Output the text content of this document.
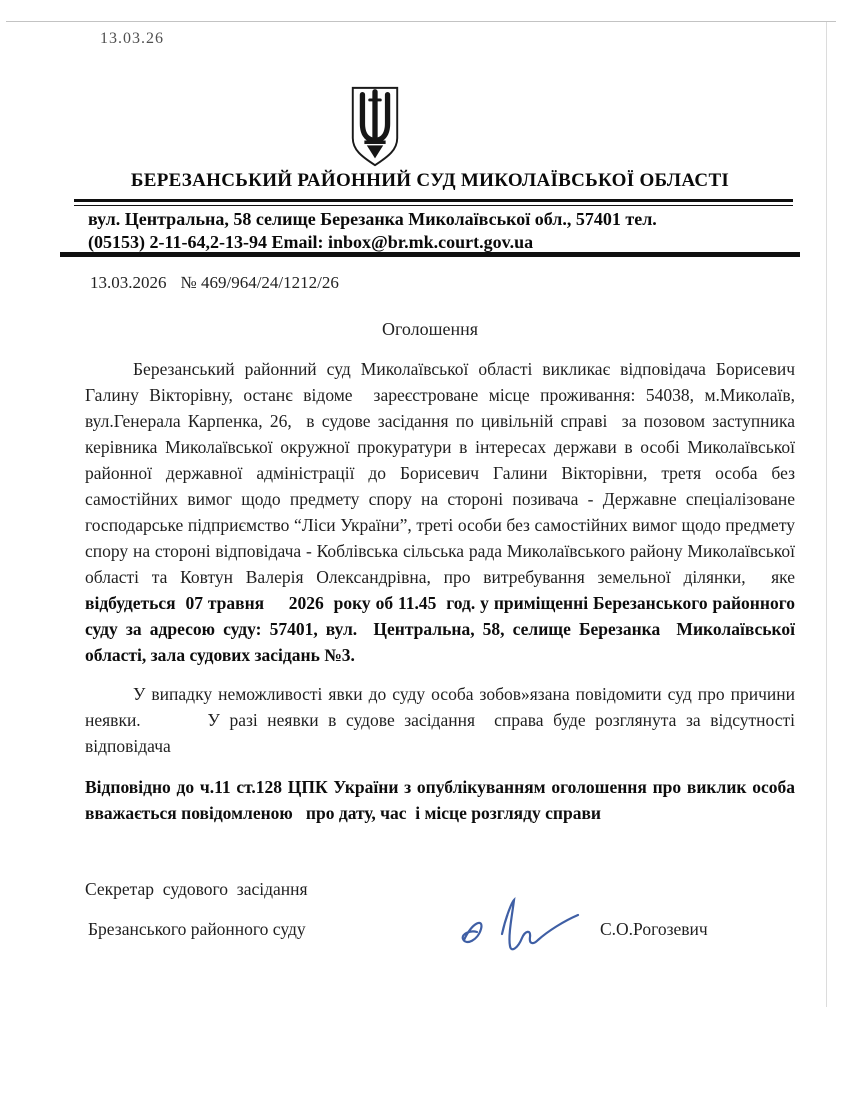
13.03.26
БЕРЕЗАНСЬКИЙ РАЙОННИЙ СУД МИКОЛАЇВСЬКОЇ ОБЛАСТІ
вул. Центральна, 58 селище Березанка Миколаївської обл., 57401 тел.
(05153) 2-11-64,2-13-94 Email: inbox@br.mk.court.gov.ua
13.03.2026 № 469/964/24/1212/26
Оголошення

Березанський районний суд Миколаївської області викликає відповідача Борисевич Галину Вікторівну, останє відоме  зареєстроване місце проживання: 54038, м.Миколаїв, вул.Генерала Карпенка, 26,  в судове засідання по цивільній справі  за позовом заступника керівника Миколаївської окружної прокуратури в інтересах держави в особі Миколаївської районної державної адміністрації до Борисевич Галини Вікторівни, третя особа без самостійних вимог щодо предмету спору на стороні позивача - Державне спеціалізоване господарське підприємство “Ліси України”, треті особи без самостійних вимог щодо предмету спору на стороні відповідача - Коблівська сільська рада Миколаївського району Миколаївської області та Ковтун Валерія Олександрівна, про витребування земельної ділянки,  яке відбудеться  07 травня     2026  року об 11.45  год. у приміщенні Березанського районного суду за адресою суду: 57401, вул.  Центральна, 58, селище Березанка  Миколаївської області, зала судових засідань №3.

У випадку неможливості явки до суду особа зобов»язана повідомити суд про причини неявки.       У разі неявки в судове засідання  справа буде розглянута за відсутності  відповідача

Відповідно до ч.11 ст.128 ЦПК України з опублікуванням оголошення про виклик особа вважається повідомленою   про дату, час  і місце розгляду справи

Секретар  судового  засідання
Брезанського районного суду	С.О.Рогозевич
